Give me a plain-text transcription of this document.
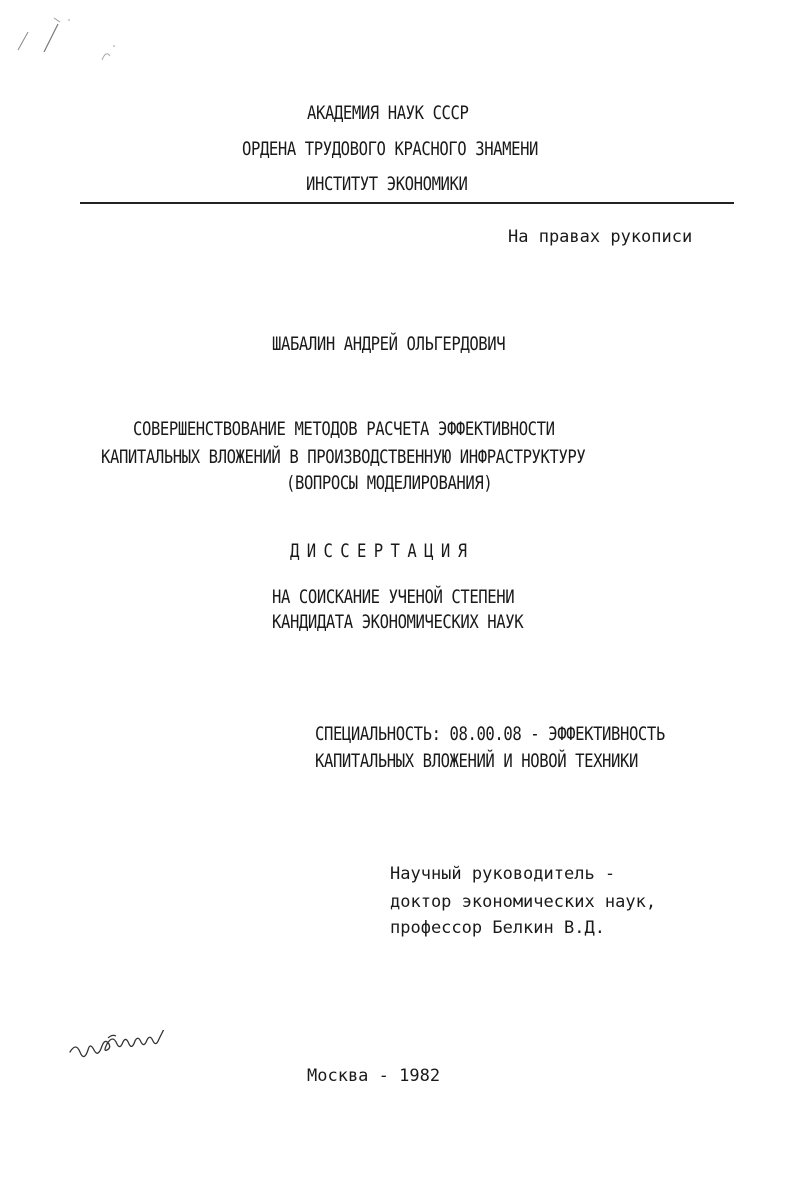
АКАДЕМИЯ НАУК СССР
ОРДЕНА ТРУДОВОГО КРАСНОГО ЗНАМЕНИ
ИНСТИТУТ ЭКОНОМИКИ
На правах рукописи
ШАБАЛИН АНДРЕЙ ОЛЬГЕРДОВИЧ
СОВЕРШЕНСТВОВАНИЕ МЕТОДОВ РАСЧЕТА ЭФФЕКТИВНОСТИ
КАПИТАЛЬНЫХ ВЛОЖЕНИЙ В ПРОИЗВОДСТВЕННУЮ ИНФРАСТРУКТУРУ
(ВОПРОСЫ МОДЕЛИРОВАНИЯ)
ДИССЕРТАЦИЯ
НА СОИСКАНИЕ УЧЕНОЙ СТЕПЕНИ
КАНДИДАТА ЭКОНОМИЧЕСКИХ НАУК
СПЕЦИАЛЬНОСТЬ: 08.00.08 - ЭФФЕКТИВНОСТЬ
КАПИТАЛЬНЫХ ВЛОЖЕНИЙ И НОВОЙ ТЕХНИКИ
Научный руководитель -
доктор экономических наук,
профессор Белкин В.Д.
Москва - 1982
